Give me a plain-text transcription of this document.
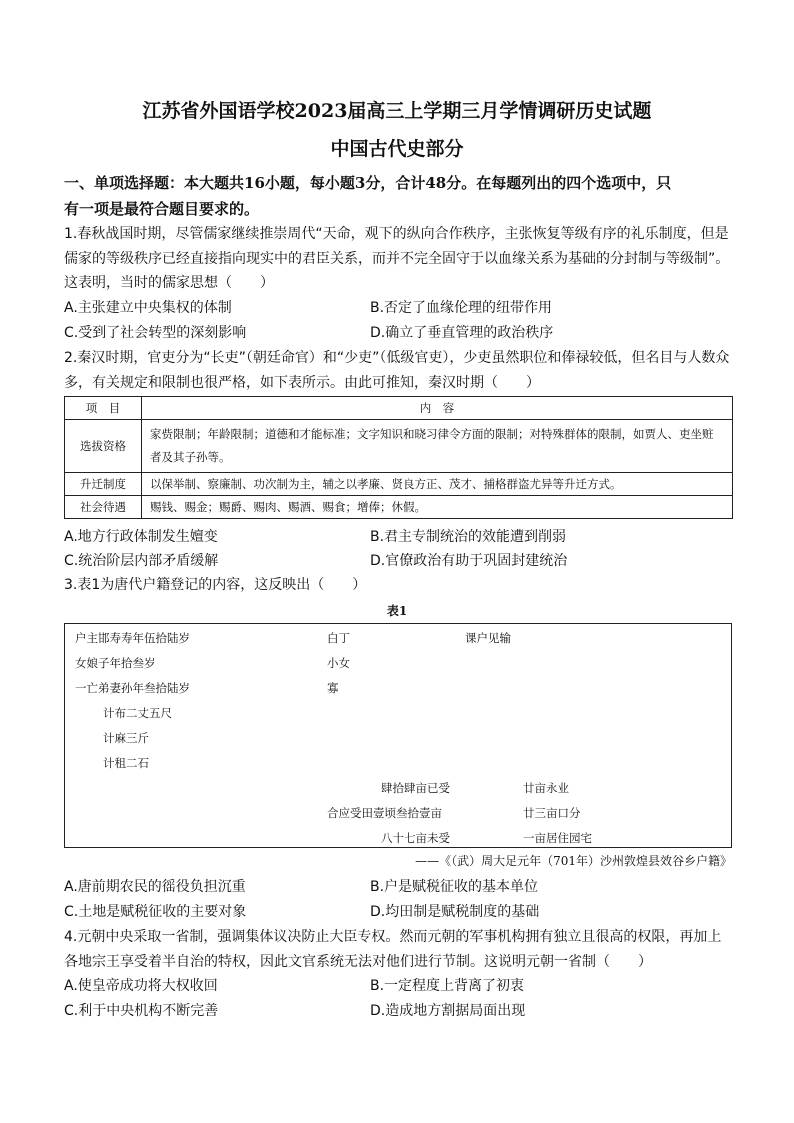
江苏省外国语学校2023届高三上学期三月学情调研历史试题
中国古代史部分
一、单项选择题：本大题共16小题，每小题3分，合计48分。在每题列出的四个选项中，只
有一项是最符合题目要求的。
1.春秋战国时期，尽管儒家继续推崇周代“天命，观下的纵向合作秩序，主张恢复等级有序的礼乐制度，但是儒家的等级秩序已经直接指向现实中的君臣关系，而并不完全固守于以血缘关系为基础的分封制与等级制”。这表明，当时的儒家思想（　　）
A.主张建立中央集权的体制	B.否定了血缘伦理的纽带作用
C.受到了社会转型的深刻影响	D.确立了垂直管理的政治秩序
2.秦汉时期，官吏分为“长吏”（朝廷命官）和“少吏”（低级官吏），少吏虽然职位和俸禄较低，但名目与人数众多，有关规定和限制也很严格，如下表所示。由此可推知，秦汉时期（　　）
项　目	内　容
选拔资格	家赀限制；年龄限制；道德和才能标准；文字知识和晓习律令方面的限制；对特殊群体的限制，如贾人、吏坐赃者及其子孙等。
升迁制度	以保举制、察廉制、功次制为主，辅之以孝廉、贤良方正、茂才、捕格群盗尤异等升迁方式。
社会待遇	赐钱、赐金；赐爵、赐肉、赐酒、赐食；增俸；休假。
A.地方行政体制发生嬗变	B.君主专制统治的效能遭到削弱
C.统治阶层内部矛盾缓解	D.官僚政治有助于巩固封建统治
3.表1为唐代户籍登记的内容，这反映出（　　）
表1
户主邯寿寿年伍拾陆岁	白丁	课户见输
女娘子年拾叁岁	小女
一亡弟妻孙年叁拾陆岁	寡
计布二丈五尺
计麻三斤
计租二石
肆拾肆亩已受	廿亩永业
合应受田壹顷叁拾壹亩	廿三亩口分
八十七亩未受	一亩居住园宅
——《（武）周大足元年（701年）沙州敦煌县效谷乡户籍》
A.唐前期农民的徭役负担沉重	B.户是赋税征收的基本单位
C.土地是赋税征收的主要对象	D.均田制是赋税制度的基础
4.元朝中央采取一省制，强调集体议决防止大臣专权。然而元朝的军事机构拥有独立且很高的权限，再加上各地宗王享受着半自治的特权，因此文官系统无法对他们进行节制。这说明元朝一省制（　　）
A.使皇帝成功将大权收回	B.一定程度上背离了初衷
C.利于中央机构不断完善	D.造成地方割据局面出现
